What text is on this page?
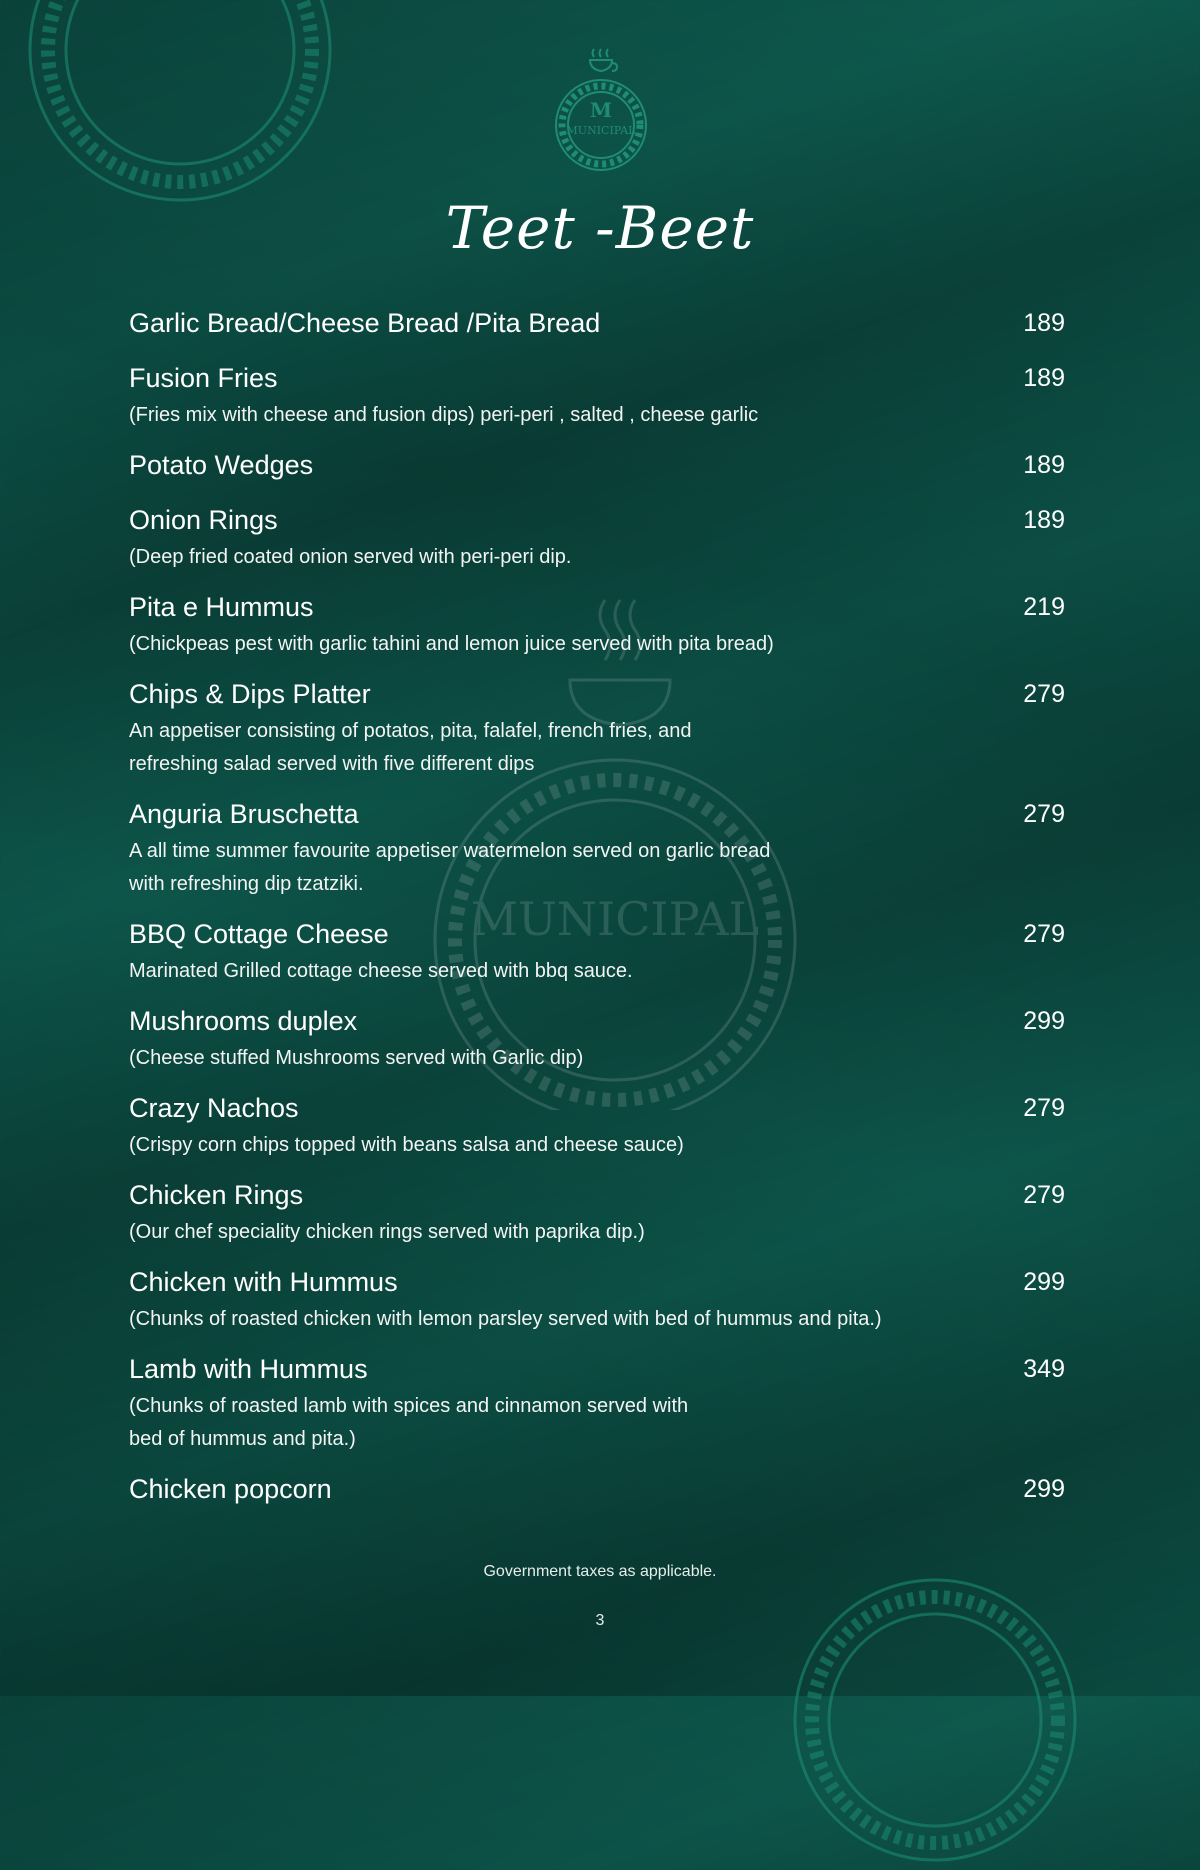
MUNICIPAL
M
MUNICIPAL
Teet -Beet
Garlic Bread/Cheese Bread /Pita Bread	189
Fusion Fries	189
(Fries mix with cheese and fusion dips) peri-peri , salted , cheese garlic
Potato Wedges	189
Onion Rings	189
(Deep fried coated onion served with peri-peri dip.
Pita e Hummus	219
(Chickpeas pest with garlic tahini and lemon juice served with pita bread)
Chips & Dips Platter	279
An appetiser consisting of potatos, pita, falafel, french fries, and
refreshing salad served with five different dips
Anguria Bruschetta	279
A all time summer favourite appetiser watermelon served on garlic bread
with refreshing dip tzatziki.
BBQ Cottage Cheese	279
Marinated Grilled cottage cheese served with bbq sauce.
Mushrooms duplex	299
(Cheese stuffed Mushrooms served with Garlic dip)
Crazy Nachos	279
(Crispy corn chips topped with beans salsa and cheese sauce)
Chicken Rings	279
(Our chef speciality chicken rings served with paprika dip.)
Chicken with Hummus	299
(Chunks of roasted chicken with lemon parsley served with bed of hummus and pita.)
Lamb with Hummus	349
(Chunks of roasted lamb with spices and cinnamon served with
bed of hummus and pita.)
Chicken popcorn	299
Government taxes as applicable.
3
